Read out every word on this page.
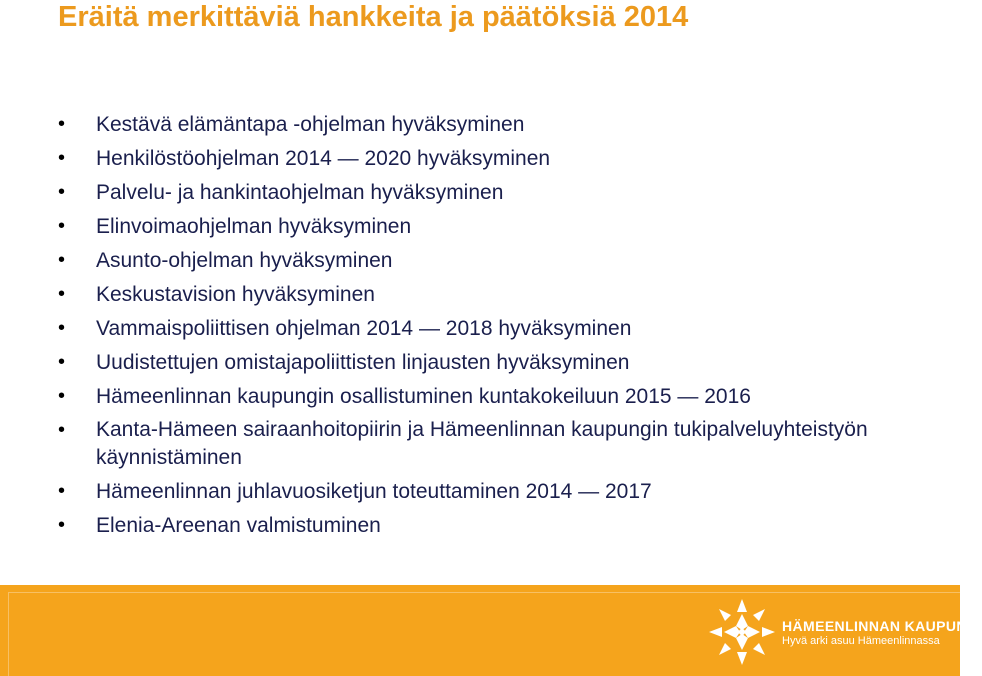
Eräitä merkittäviä hankkeita ja päätöksiä 2014
• Kestävä elämäntapa -ohjelman hyväksyminen
• Henkilöstöohjelman 2014 — 2020 hyväksyminen
• Palvelu- ja hankintaohjelman hyväksyminen
• Elinvoimaohjelman hyväksyminen
• Asunto-ohjelman hyväksyminen
• Keskustavision hyväksyminen
• Vammaispoliittisen ohjelman 2014 — 2018 hyväksyminen
• Uudistettujen omistajapoliittisten linjausten hyväksyminen
• Hämeenlinnan kaupungin osallistuminen kuntakokeiluun 2015 — 2016
• Kanta-Hämeen sairaanhoitopiirin ja Hämeenlinnan kaupungin tukipalveluyhteistyön käynnistäminen
• Hämeenlinnan juhlavuosiketjun toteuttaminen 2014 — 2017
• Elenia-Areenan valmistuminen
HÄMEENLINNAN KAUPUNKI
Hyvä arki asuu Hämeenlinnassa
